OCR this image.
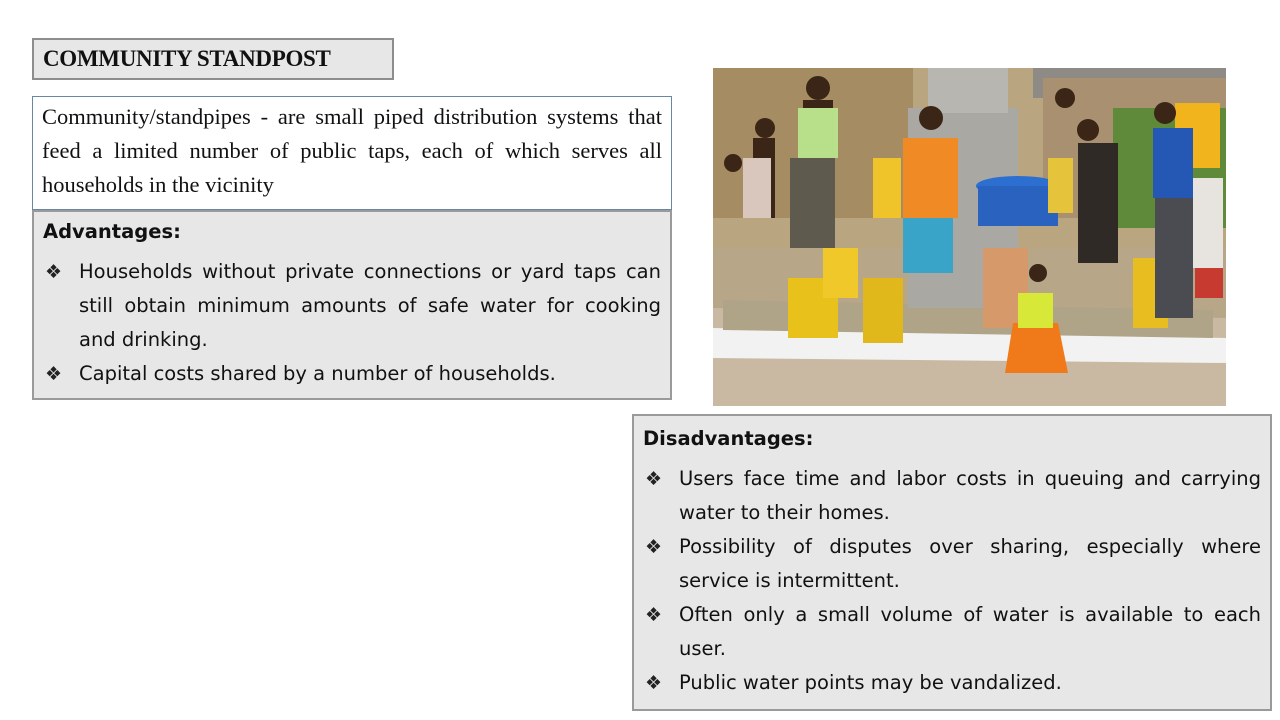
COMMUNITY STANDPOST
Community/standpipes - are small piped distribution systems that feed a limited number of public taps, each of which serves all households in the vicinity
Advantages:
❖ Households without private connections or yard taps can still obtain minimum amounts of safe water for cooking and drinking.
❖ Capital costs shared by a number of households.
Disadvantages:
❖ Users face time and labor costs in queuing and carrying water to their homes.
❖ Possibility of disputes over sharing, especially where service is intermittent.
❖ Often only a small volume of water is available to each user.
❖ Public water points may be vandalized.
